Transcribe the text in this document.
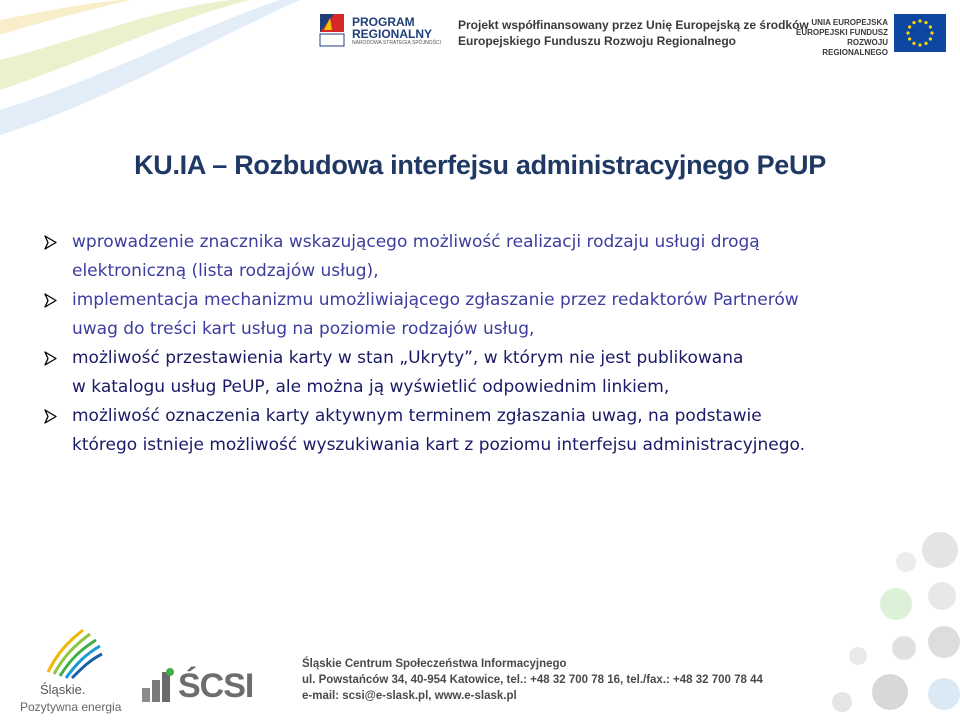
PROGRAM
REGIONALNY
NARODOWA STRATEGIA SPÓJNOŚCI
Projekt współfinansowany przez Unię Europejską ze środków
Europejskiego Funduszu Rozwoju Regionalnego
UNIA EUROPEJSKA
EUROPEJSKI FUNDUSZ
ROZWOJU REGIONALNEGO
KU.IA – Rozbudowa interfejsu administracyjnego PeUP
wprowadzenie znacznika wskazującego możliwość realizacji rodzaju usługi drogą
elektroniczną (lista rodzajów usług),
implementacja mechanizmu umożliwiającego zgłaszanie przez redaktorów Partnerów
uwag do treści kart usług na poziomie rodzajów usług,
możliwość przestawienia karty w stan „Ukryty”, w którym nie jest publikowana
w katalogu usług PeUP, ale można ją wyświetlić odpowiednim linkiem,
możliwość oznaczenia karty aktywnym terminem zgłaszania uwag, na podstawie
którego istnieje możliwość wyszukiwania kart z poziomu interfejsu administracyjnego.
Śląskie.
Pozytywna energia
ŚCSI
Śląskie Centrum Społeczeństwa Informacyjnego
ul. Powstańców 34, 40-954 Katowice, tel.: +48 32 700 78 16, tel./fax.: +48 32 700 78 44
e-mail: scsi@e-slask.pl, www.e-slask.pl
